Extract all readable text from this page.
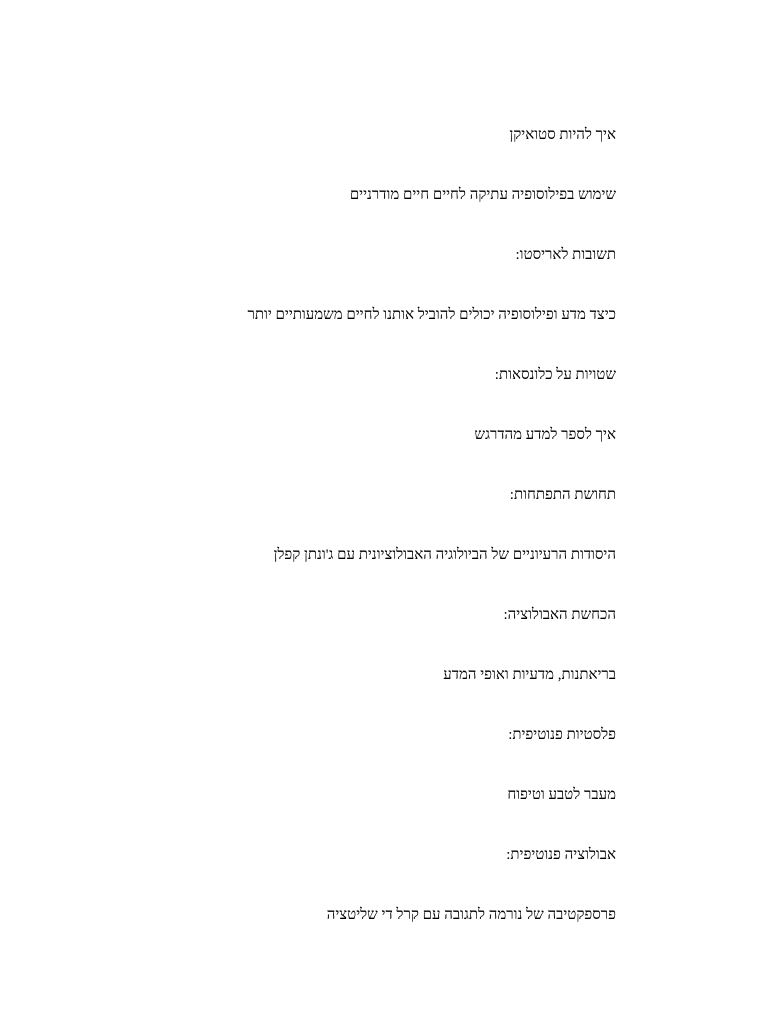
איך להיות סטואיקן
שימוש בפילוסופיה עתיקה לחיים חיים מודרניים
תשובות לאריסטו:
כיצד מדע ופילוסופיה יכולים להוביל אותנו לחיים משמעותיים יותר
שטויות על כלונסאות:
איך לספר למדע מהדרגש
תחושת התפתחות:
היסודות הרעיוניים של הביולוגיה האבולוציונית עם ג'ונתן קפלן
הכחשת האבולוציה:
בריאתנות, מדעיות ואופי המדע
פלסטיות פנוטיפית:
מעבר לטבע וטיפוח
אבולוציה פנוטיפית:
פרספקטיבה של נורמה לתגובה עם קרל די שליטציה
